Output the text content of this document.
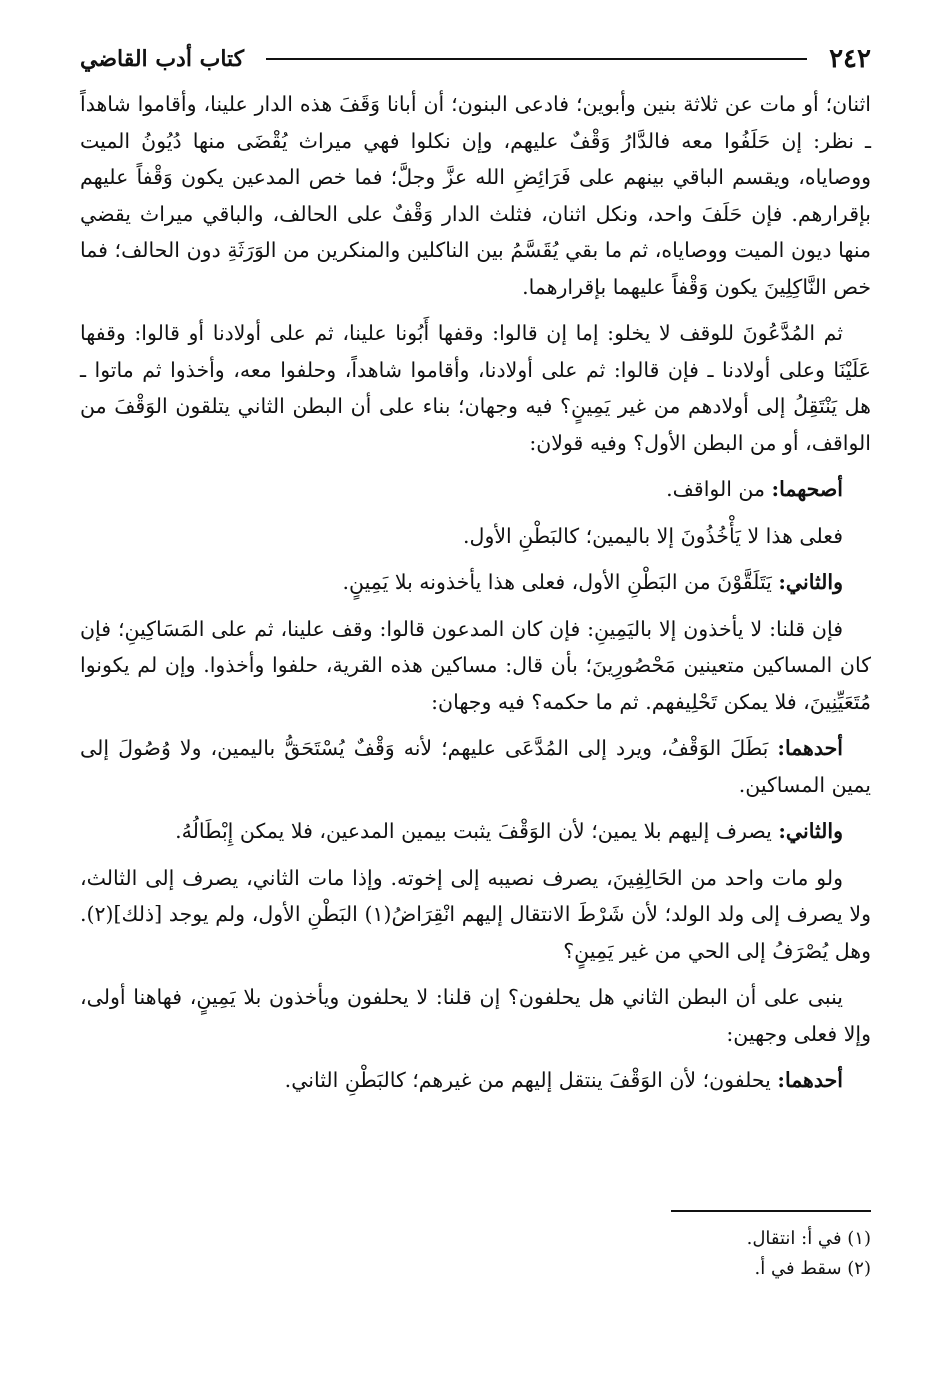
٢٤٢
كتاب أدب القاضي

اثنان؛ أو مات عن ثلاثة بنين وأبوين؛ فادعى البنون؛ أن أبانا وَقَفَ هذه الدار علينا، وأقاموا شاهداً ـ نظر: إن حَلَفُوا معه فالدَّارُ وَقْفٌ عليهم، وإن نكلوا فهي ميراث يُقْضَى منها دُيُونُ الميت ووصاياه، ويقسم الباقي بينهم على فَرَائِضِ الله عزَّ وجلَّ؛ فما خص المدعين يكون وَقْفاً عليهم بإقرارهم. فإن حَلَفَ واحد، ونكل اثنان، فثلث الدار وَقْفٌ على الحالف، والباقي ميراث يقضي منها ديون الميت ووصاياه، ثم ما بقي يُقَسَّمُ بين الناكلين والمنكرين من الوَرَثَةِ دون الحالف؛ فما خص النَّاكِلِينَ يكون وَقْفاً عليهما بإقرارهما.

ثم المُدَّعُونَ للوقف لا يخلو: إما إن قالوا: وقفها أَبُونا علينا، ثم على أولادنا أو قالوا: وقفها عَلَيْنَا وعلى أولادنا ـ فإن قالوا: ثم على أولادنا، وأقاموا شاهداً، وحلفوا معه، وأخذوا ثم ماتوا ـ هل يَنْتَقِلُ إلى أولادهم من غير يَمِينٍ؟ فيه وجهان؛ بناء على أن البطن الثاني يتلقون الوَقْفَ من الواقف، أو من البطن الأول؟ وفيه قولان:

أصحهما: من الواقف.

فعلى هذا لا يَأْخُذُونَ إلا باليمين؛ كالبَطْنِ الأول.

والثاني: يَتَلَقَّوْنَ من البَطْنِ الأول، فعلى هذا يأخذونه بلا يَمِينٍ.

فإن قلنا: لا يأخذون إلا باليَمِينِ: فإن كان المدعون قالوا: وقف علينا، ثم على المَسَاكِينِ؛ فإن كان المساكين متعينين مَحْصُورِينَ؛ بأن قال: مساكين هذه القرية، حلفوا وأخذوا. وإن لم يكونوا مُتَعَيِّنِينَ، فلا يمكن تَحْلِيفهم. ثم ما حكمه؟ فيه وجهان:

أحدهما: بَطَلَ الوَقْفُ، ويرد إلى المُدَّعَى عليهم؛ لأنه وَقْفٌ يُسْتَحَقُّ باليمين، ولا وُصُولَ إلى يمين المساكين.

والثاني: يصرف إليهم بلا يمين؛ لأن الوَقْفَ يثبت بيمين المدعين، فلا يمكن إِبْطَالُهُ.

ولو مات واحد من الحَالِفِينَ، يصرف نصيبه إلى إخوته. وإذا مات الثاني، يصرف إلى الثالث، ولا يصرف إلى ولد الولد؛ لأن شَرْطَ الانتقال إليهم انْقِرَاضُ(١) البَطْنِ الأول، ولم يوجد [ذلك](٢). وهل يُصْرَفُ إلى الحي من غير يَمِينٍ؟

ينبى على أن البطن الثاني هل يحلفون؟ إن قلنا: لا يحلفون ويأخذون بلا يَمِينٍ، فهاهنا أولى، وإلا فعلى وجهين:

أحدهما: يحلفون؛ لأن الوَقْفَ ينتقل إليهم من غيرهم؛ كالبَطْنِ الثاني.

(١) في أ: انتقال.
(٢) سقط في أ.
